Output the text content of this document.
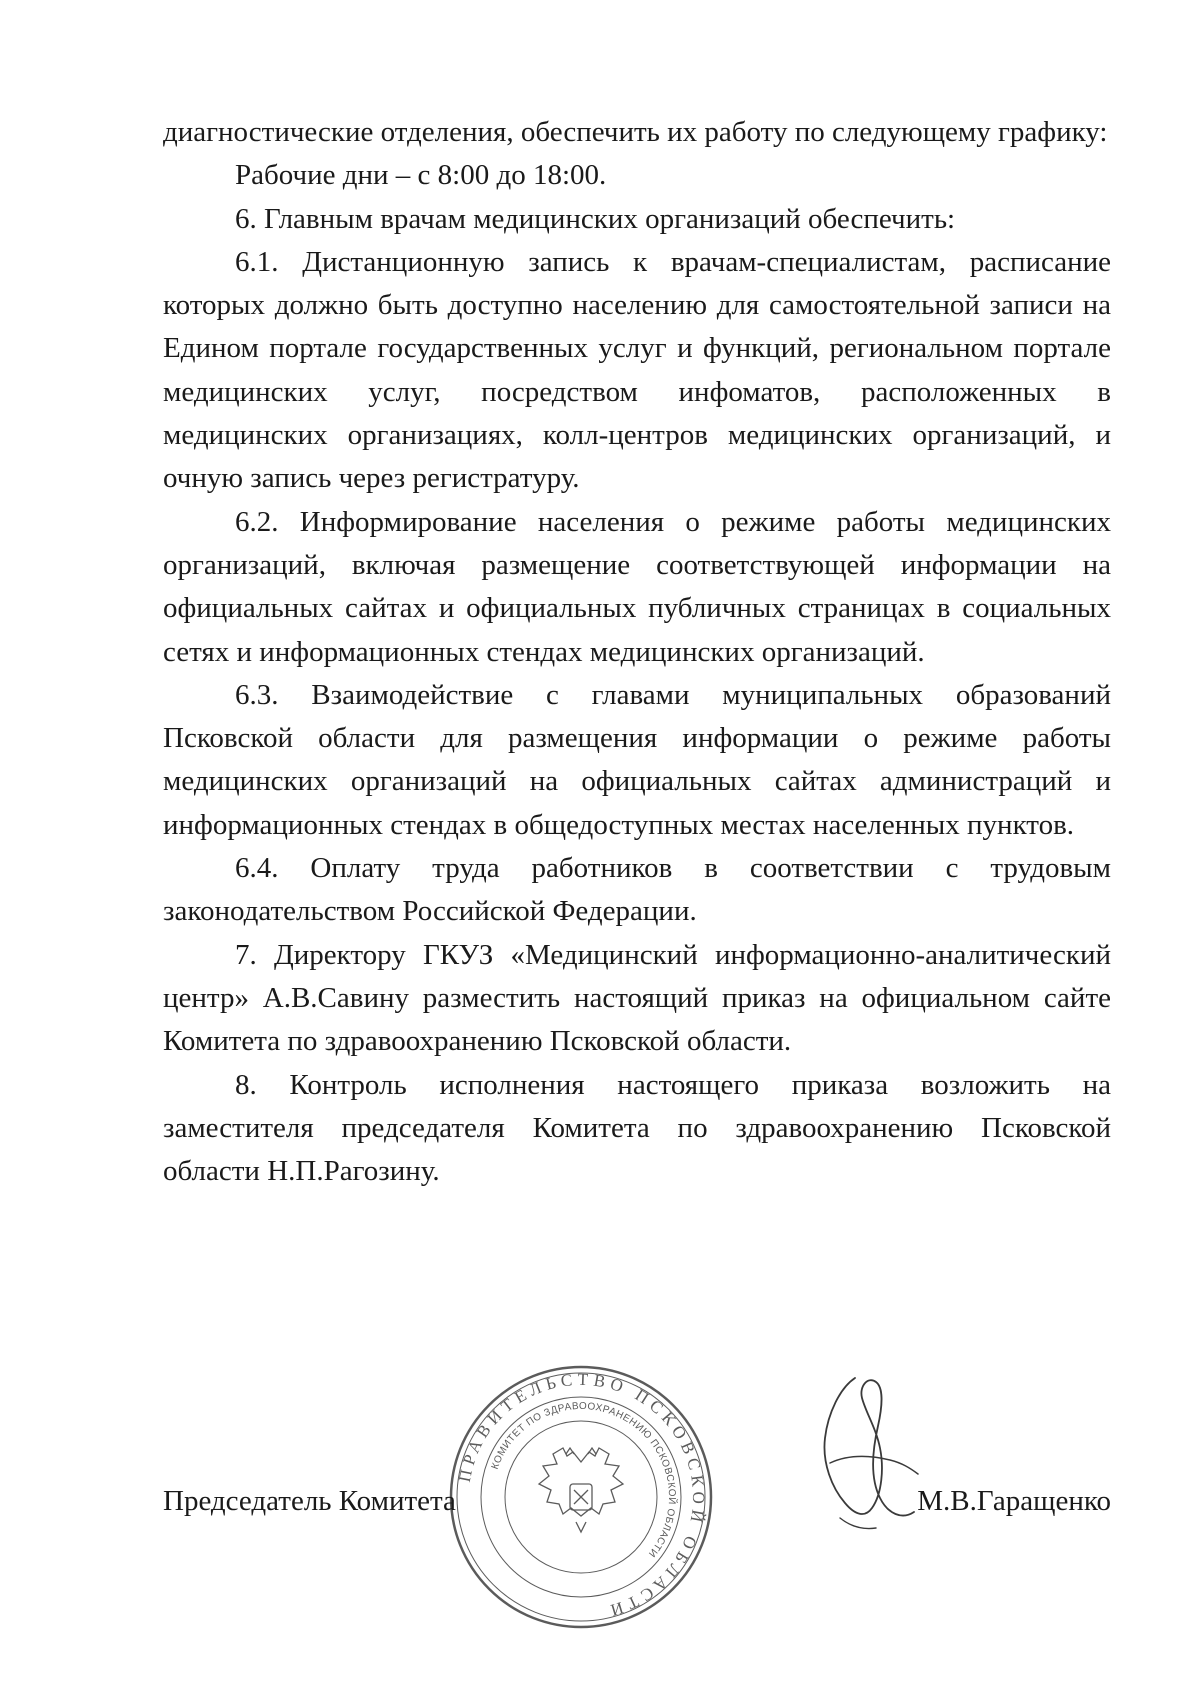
диагностические отделения, обеспечить их работу по следующему графику:

Рабочие дни – с 8:00 до 18:00.

6. Главным врачам медицинских организаций обеспечить:

6.1. Дистанционную запись к врачам-специалистам, расписание которых должно быть доступно населению для самостоятельной записи на Едином портале государственных услуг и функций, региональном портале медицинских услуг, посредством инфоматов, расположенных в медицинских организациях, колл-центров медицинских организаций, и очную запись через регистратуру.

6.2. Информирование населения о режиме работы медицинских организаций, включая размещение соответствующей информации на официальных сайтах и официальных публичных страницах в социальных сетях и информационных стендах медицинских организаций.

6.3. Взаимодействие с главами муниципальных образований Псковской области для размещения информации о режиме работы медицинских организаций на официальных сайтах администраций и информационных стендах в общедоступных местах населенных пунктов.

6.4. Оплату труда работников в соответствии с трудовым законодательством Российской Федерации.

7. Директору ГКУЗ «Медицинский информационно-аналитический центр» А.В.Савину разместить настоящий приказ на официальном сайте Комитета по здравоохранению Псковской области.

8. Контроль исполнения настоящего приказа возложить на заместителя председателя Комитета по здравоохранению Псковской области Н.П.Рагозину.

ПРАВИТЕЛЬСТВО ПСКОВСКОЙ ОБЛАСТИ
КОМИТЕТ ПО ЗДРАВООХРАНЕНИЮ ПСКОВСКОЙ ОБЛАСТИ
Председатель Комитета	М.В.Гаращенко
